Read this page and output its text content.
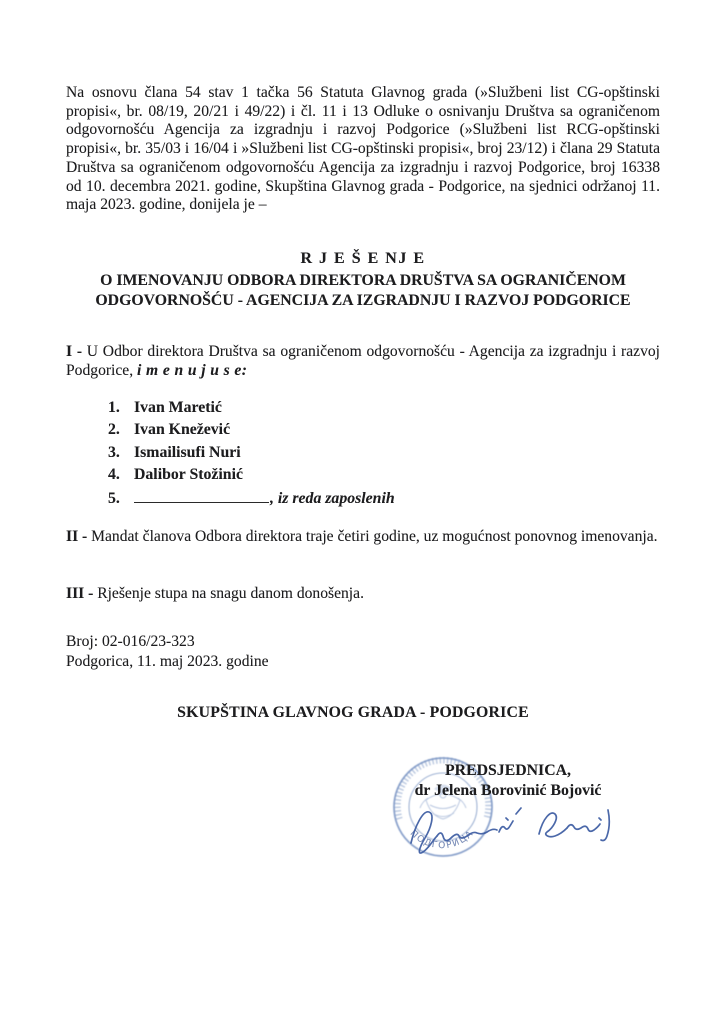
Na osnovu člana 54 stav 1 tačka 56 Statuta Glavnog grada (»Službeni list CG-opštinski propisi«, br. 08/19, 20/21 i 49/22) i čl. 11 i 13 Odluke o osnivanju Društva sa ograničenom odgovornošću Agencija za izgradnju i razvoj Podgorice (»Službeni list RCG-opštinski propisi«, br. 35/03 i 16/04 i »Službeni list CG-opštinski propisi«, broj 23/12) i člana 29 Statuta Društva sa ograničenom odgovornošću Agencija za izgradnju i razvoj Podgorice, broj 16338 od 10. decembra 2021. godine, Skupština Glavnog grada - Podgorice, na sjednici održanoj 11. maja 2023. godine, donijela je –

R J E Š E NJ E
O IMENOVANJU ODBORA DIREKTORA DRUŠTVA SA OGRANIČENOM ODGOVORNOŠĆU - AGENCIJA ZA IZGRADNJU I RAZVOJ PODGORICE

I - U Odbor direktora Društva sa ograničenom odgovornošću - Agencija za izgradnju i razvoj Podgorice, i m e n u j u s e:

1. Ivan Maretić
2. Ivan Knežević
3. Ismailisufi Nuri
4. Dalibor Stožinić
5.	, iz reda zaposlenih

II - Mandat članova Odbora direktora traje četiri godine, uz mogućnost ponovnog imenovanja.

III - Rješenje stupa na snagu danom donošenja.

Broj: 02-016/23-323
Podgorica, 11. maj 2023. godine
SKUPŠTINA GLAVNOG GRADA - PODGORICE
ПОДГОРИЦА
PREDSJEDNICA,
dr Jelena Borovinić Bojović
